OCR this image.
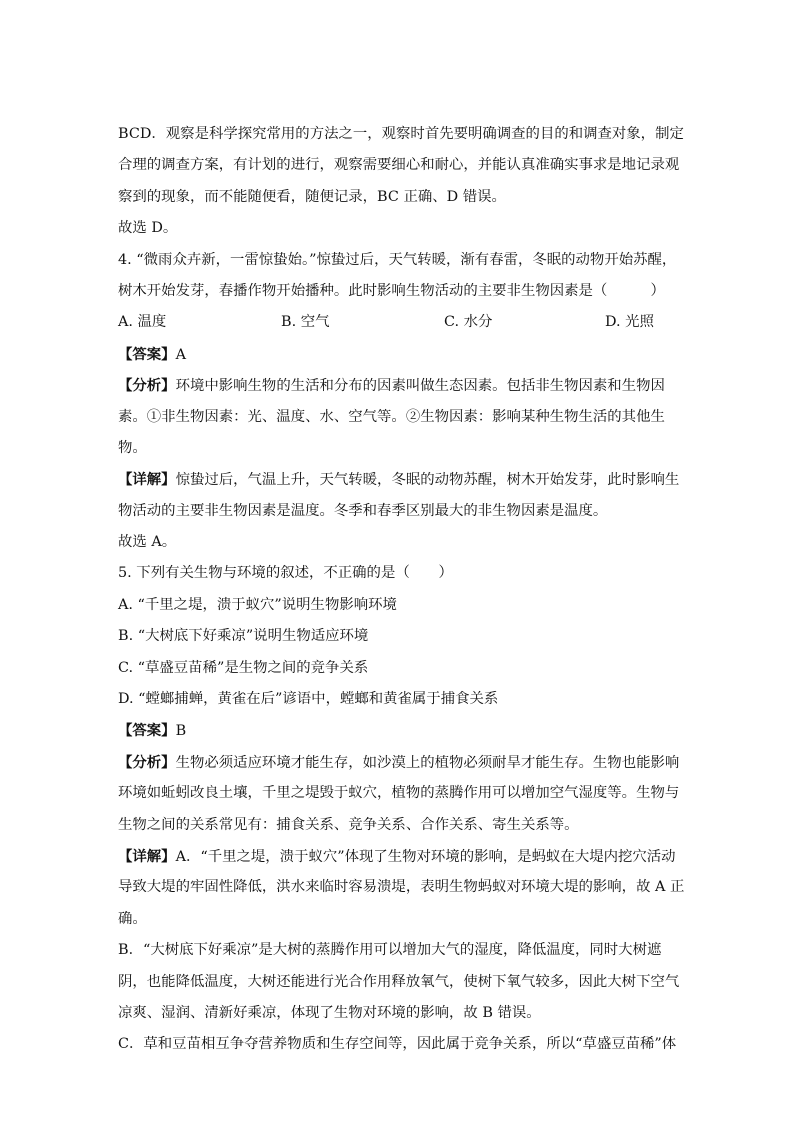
BCD．观察是科学探究常用的方法之一，观察时首先要明确调查的目的和调查对象，制定
合理的调查方案，有计划的进行，观察需要细心和耐心，并能认真准确实事求是地记录观
察到的现象，而不能随便看，随便记录，BC 正确、D 错误。
故选 D。
4. “微雨众卉新，一雷惊蛰始。”惊蛰过后，天气转暖，渐有春雷，冬眠的动物开始苏醒，
树木开始发芽，春播作物开始播种。此时影响生物活动的主要非生物因素是（　　　）
A. 温度	B. 空气	C. 水分	D. 光照
【答案】A
【分析】环境中影响生物的生活和分布的因素叫做生态因素。包括非生物因素和生物因
素。①非生物因素：光、温度、水、空气等。②生物因素：影响某种生物生活的其他生
物。
【详解】惊蛰过后，气温上升，天气转暖，冬眠的动物苏醒，树木开始发芽，此时影响生
物活动的主要非生物因素是温度。冬季和春季区别最大的非生物因素是温度。
故选 A。
5. 下列有关生物与环境的叙述，不正确的是（　　）
A. “千里之堤，溃于蚁穴”说明生物影响环境
B. “大树底下好乘凉”说明生物适应环境
C. “草盛豆苗稀”是生物之间的竞争关系
D. “螳螂捕蝉，黄雀在后”谚语中，螳螂和黄雀属于捕食关系
【答案】B
【分析】生物必须适应环境才能生存，如沙漠上的植物必须耐旱才能生存。生物也能影响
环境如蚯蚓改良土壤，千里之堤毁于蚁穴，植物的蒸腾作用可以增加空气湿度等。生物与
生物之间的关系常见有：捕食关系、竞争关系、合作关系、寄生关系等。
【详解】A．“千里之堤，溃于蚁穴”体现了生物对环境的影响，是蚂蚁在大堤内挖穴活动
导致大堤的牢固性降低，洪水来临时容易溃堤，表明生物蚂蚁对环境大堤的影响，故 A 正
确。
B．“大树底下好乘凉”是大树的蒸腾作用可以增加大气的湿度，降低温度，同时大树遮
阴，也能降低温度，大树还能进行光合作用释放氧气，使树下氧气较多，因此大树下空气
凉爽、湿润、清新好乘凉，体现了生物对环境的影响，故 B 错误。
C．草和豆苗相互争夺营养物质和生存空间等，因此属于竞争关系，所以“草盛豆苗稀”体
